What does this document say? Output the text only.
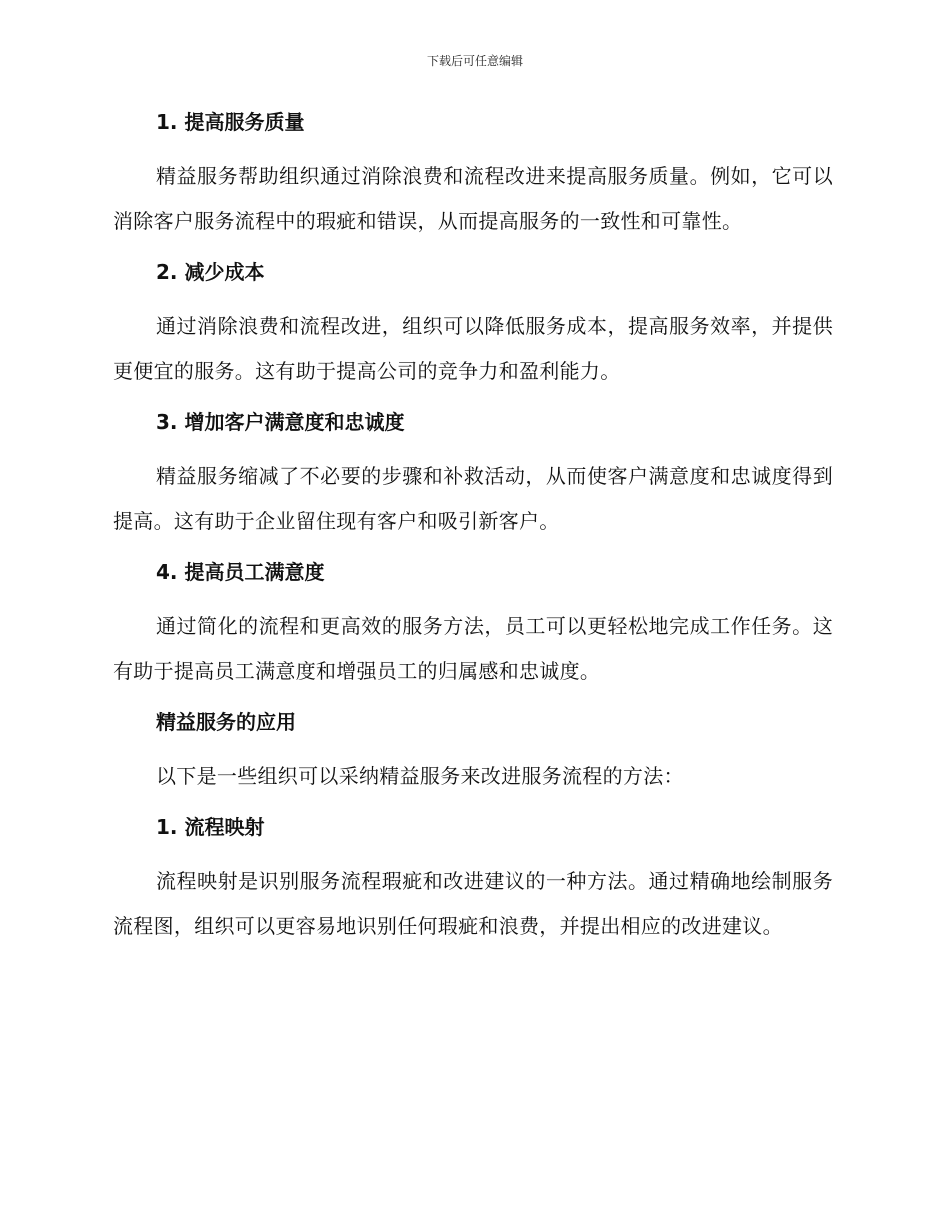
下载后可任意编辑
1. 提高服务质量

精益服务帮助组织通过消除浪费和流程改进来提高服务质量。例如，它可以消除客户服务流程中的瑕疵和错误，从而提高服务的一致性和可靠性。

2. 减少成本

通过消除浪费和流程改进，组织可以降低服务成本，提高服务效率，并提供更便宜的服务。这有助于提高公司的竞争力和盈利能力。

3. 增加客户满意度和忠诚度

精益服务缩减了不必要的步骤和补救活动，从而使客户满意度和忠诚度得到提高。这有助于企业留住现有客户和吸引新客户。

4. 提高员工满意度

通过简化的流程和更高效的服务方法，员工可以更轻松地完成工作任务。这有助于提高员工满意度和增强员工的归属感和忠诚度。

精益服务的应用

以下是一些组织可以采纳精益服务来改进服务流程的方法：

1. 流程映射

流程映射是识别服务流程瑕疵和改进建议的一种方法。通过精确地绘制服务流程图，组织可以更容易地识别任何瑕疵和浪费，并提出相应的改进建议。
